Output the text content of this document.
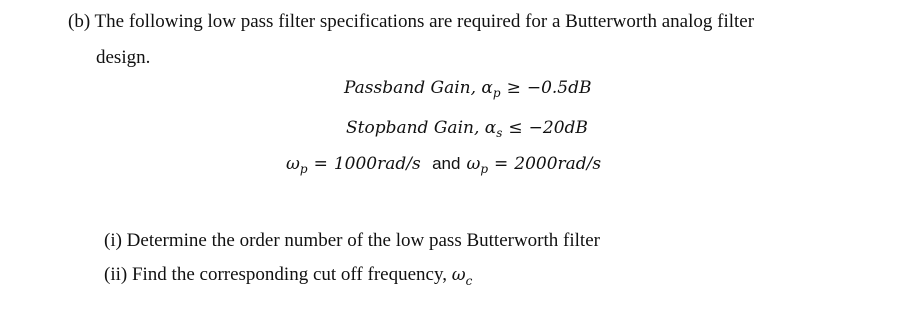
(b) The following low pass filter specifications are required for a Butterworth analog filter
design.
Passband Gain, $\alpha_p \ge -0.5dB$
Stopband Gain, $\alpha_s \le -20dB$
$\omega_p = 1000rad/s$ and $\omega_p = 2000rad/s$
(i) Determine the order number of the low pass Butterworth filter
(ii) Find the corresponding cut off frequency, $\omega_c$
